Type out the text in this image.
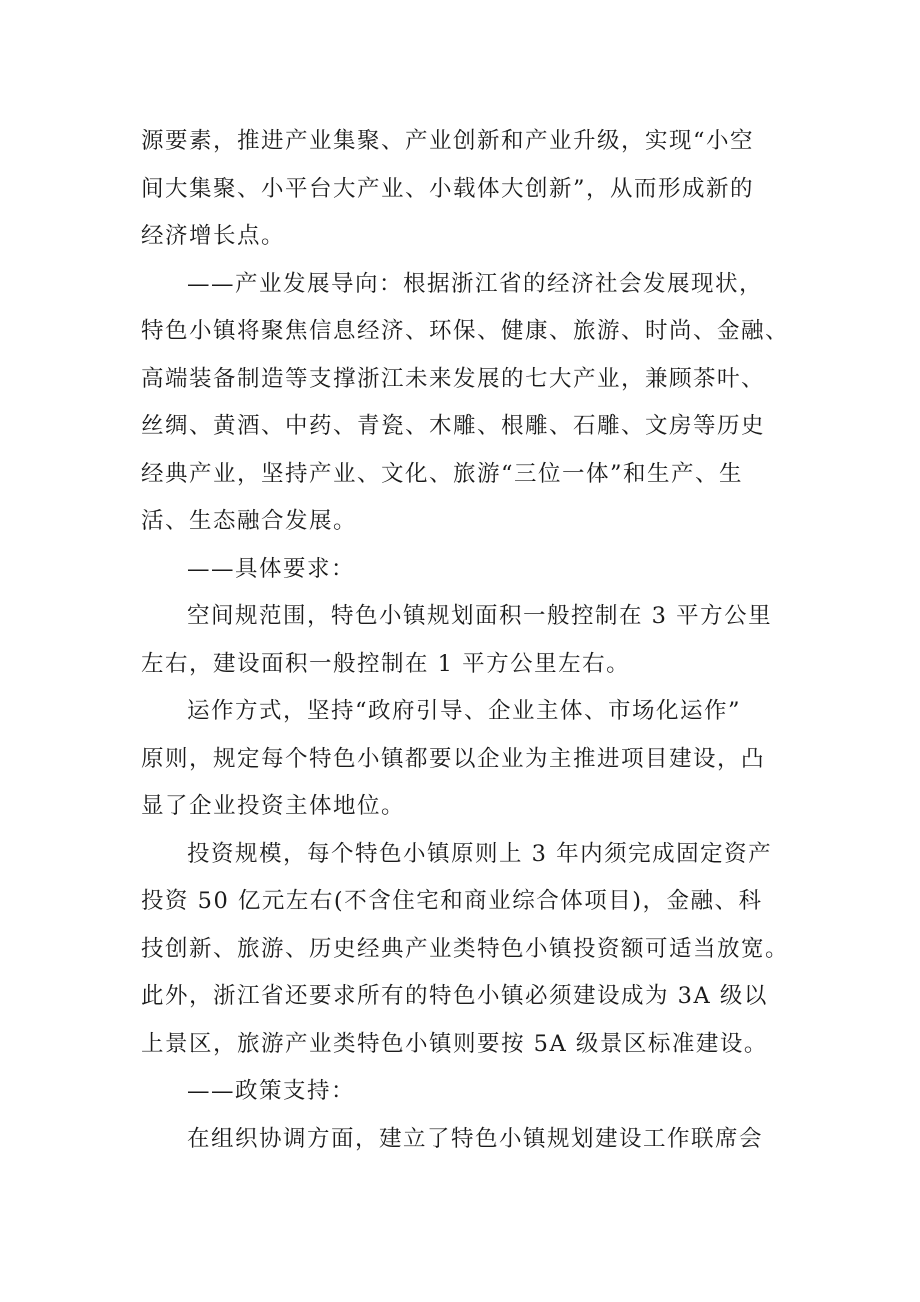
源要素，推进产业集聚、产业创新和产业升级，实现“小空
间大集聚、小平台大产业、小载体大创新”，从而形成新的
经济增长点。
——产业发展导向：根据浙江省的经济社会发展现状，
特色小镇将聚焦信息经济、环保、健康、旅游、时尚、金融、
高端装备制造等支撑浙江未来发展的七大产业，兼顾茶叶、
丝绸、黄酒、中药、青瓷、木雕、根雕、石雕、文房等历史
经典产业，坚持产业、文化、旅游“三位一体”和生产、生
活、生态融合发展。
——具体要求：
空间规范围，特色小镇规划面积一般控制在 3 平方公里
左右，建设面积一般控制在 1 平方公里左右。
运作方式，坚持“政府引导、企业主体、市场化运作”
原则，规定每个特色小镇都要以企业为主推进项目建设，凸
显了企业投资主体地位。
投资规模，每个特色小镇原则上 3 年内须完成固定资产
投资 50 亿元左右(不含住宅和商业综合体项目)，金融、科
技创新、旅游、历史经典产业类特色小镇投资额可适当放宽。
此外，浙江省还要求所有的特色小镇必须建设成为 3A 级以
上景区，旅游产业类特色小镇则要按 5A 级景区标准建设。
——政策支持：
在组织协调方面，建立了特色小镇规划建设工作联席会
